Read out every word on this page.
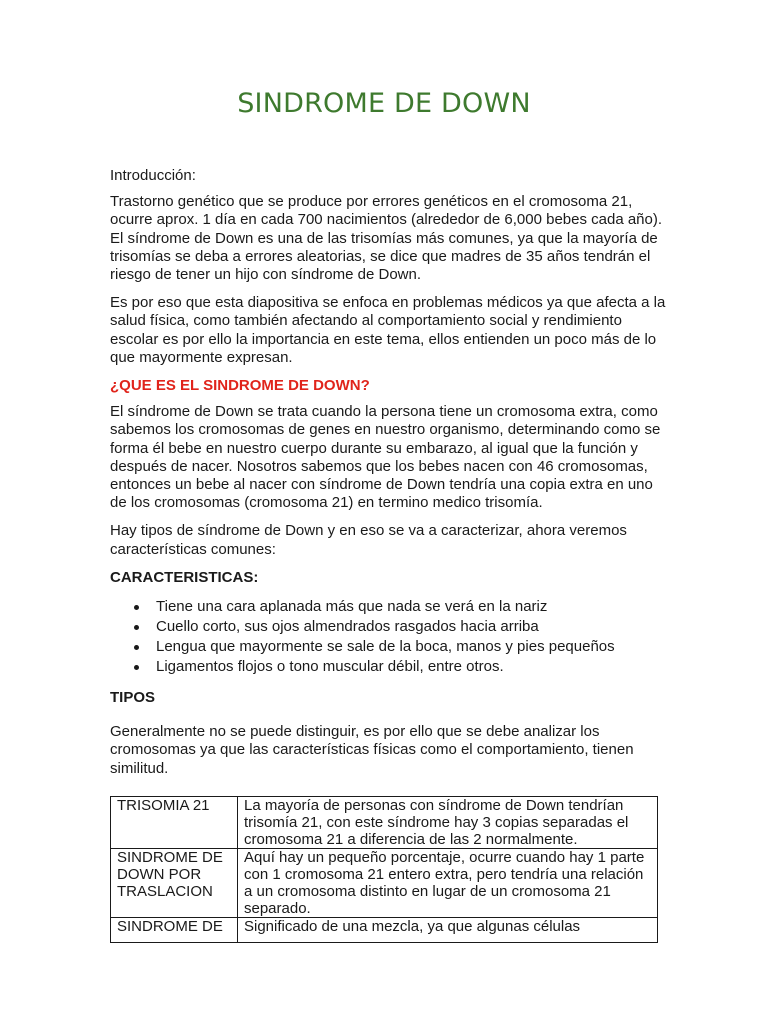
SINDROME DE DOWN

Introducción:

Trastorno genético que se produce por errores genéticos en el cromosoma 21, ocurre aprox. 1 día en cada 700 nacimientos (alrededor de 6,000 bebes cada año). El síndrome de Down es una de las trisomías más comunes, ya que la mayoría de trisomías se deba a errores aleatorias, se dice que madres de 35 años tendrán el riesgo de tener un hijo con síndrome de Down.

Es por eso que esta diapositiva se enfoca en problemas médicos ya que afecta a la salud física, como también afectando al comportamiento social y rendimiento escolar es por ello la importancia en este tema, ellos entienden un poco más de lo que mayormente expresan.

¿QUE ES EL SINDROME DE DOWN?

El síndrome de Down se trata cuando la persona tiene un cromosoma extra, como sabemos los cromosomas de genes en nuestro organismo, determinando como se forma él bebe en nuestro cuerpo durante su embarazo, al igual que la función y después de nacer. Nosotros sabemos que los bebes nacen con 46 cromosomas, entonces un bebe al nacer con síndrome de Down tendría una copia extra en uno de los cromosomas (cromosoma 21) en termino medico trisomía.

Hay tipos de síndrome de Down y en eso se va a caracterizar, ahora veremos características comunes:

CARACTERISTICAS:

Tiene una cara aplanada más que nada se verá en la nariz
Cuello corto, sus ojos almendrados rasgados hacia arriba
Lengua que mayormente se sale de la boca, manos y pies pequeños
Ligamentos flojos o tono muscular débil, entre otros.

TIPOS

Generalmente no se puede distinguir, es por ello que se debe analizar los cromosomas ya que las características físicas como el comportamiento, tienen similitud.

TRISOMIA 21	La mayoría de personas con síndrome de Down tendrían trisomía 21, con este síndrome hay 3 copias separadas el cromosoma 21 a diferencia de las 2 normalmente.
SINDROME DE DOWN POR TRASLACION	Aquí hay un pequeño porcentaje, ocurre cuando hay 1 parte con 1 cromosoma 21 entero extra, pero tendría una relación a un cromosoma distinto en lugar de un cromosoma 21 separado.
SINDROME DE	Significado de una mezcla, ya que algunas células
